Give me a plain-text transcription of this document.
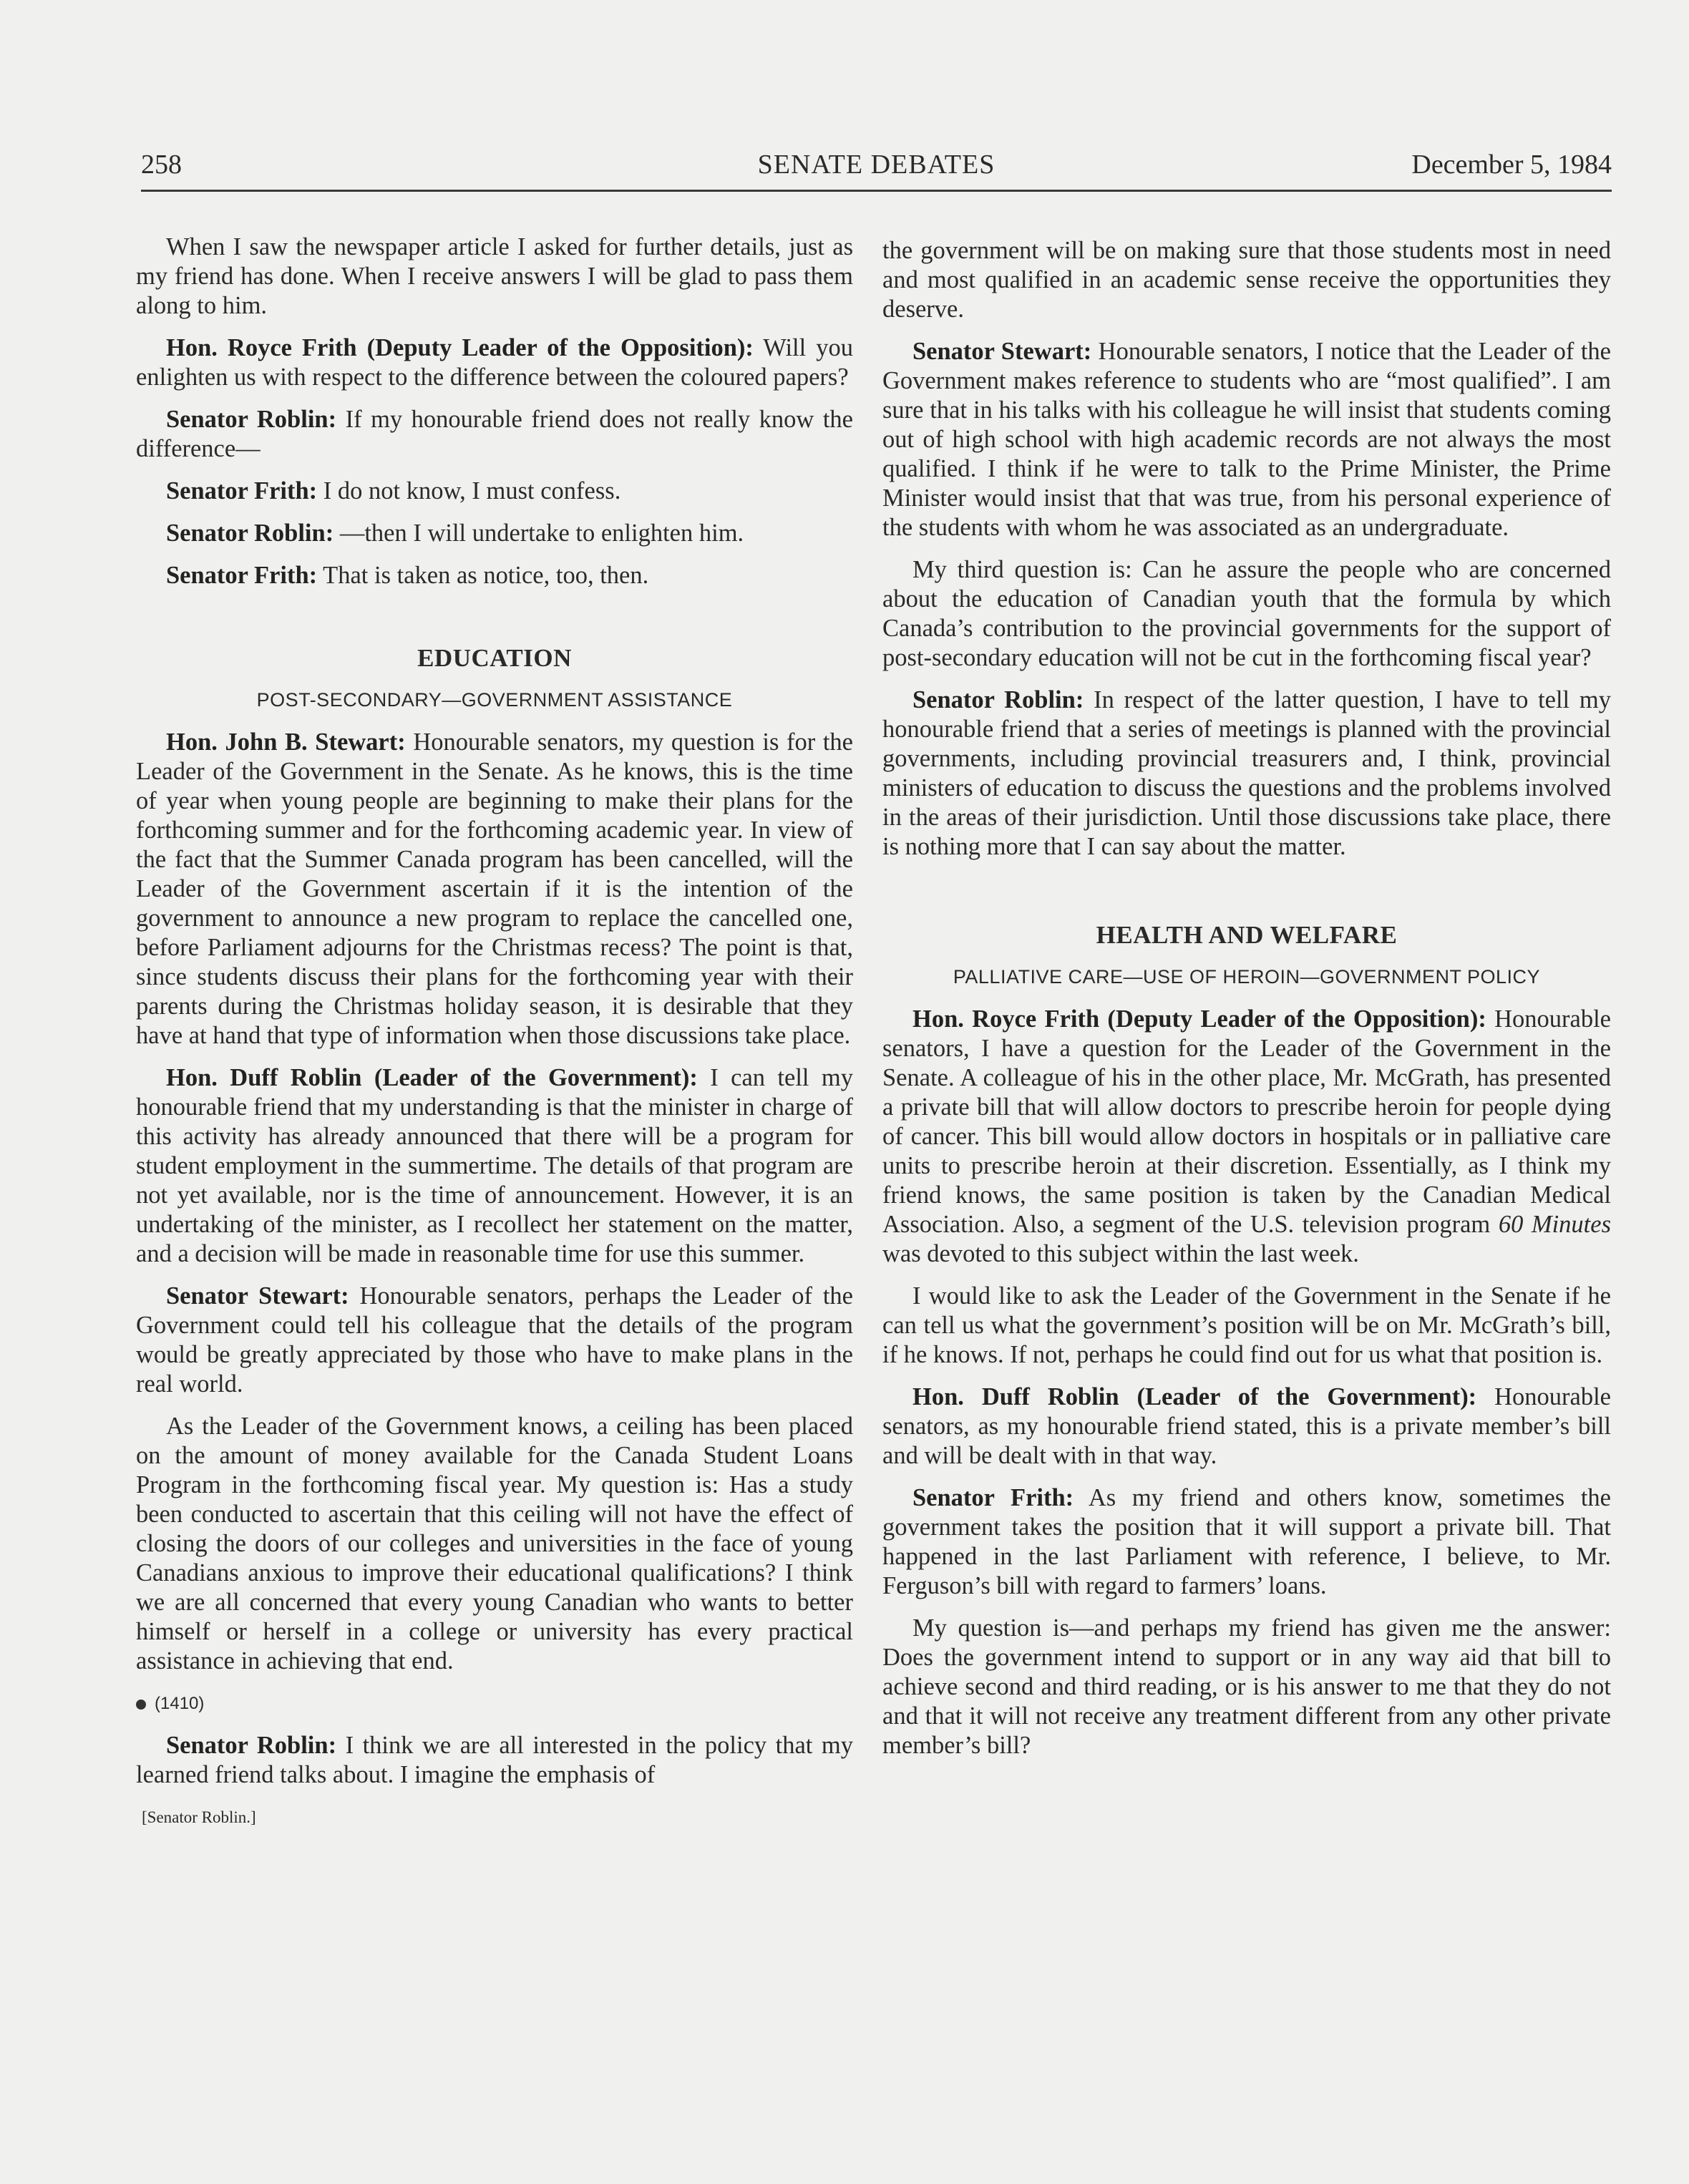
258	SENATE DEBATES	December 5, 1984

When I saw the newspaper article I asked for further details, just as my friend has done. When I receive answers I will be glad to pass them along to him.

Hon. Royce Frith (Deputy Leader of the Opposition): Will you enlighten us with respect to the difference between the coloured papers?

Senator Roblin: If my honourable friend does not really know the difference—

Senator Frith: I do not know, I must confess.

Senator Roblin: —then I will undertake to enlighten him.

Senator Frith: That is taken as notice, too, then.

EDUCATION

POST-SECONDARY—GOVERNMENT ASSISTANCE

Hon. John B. Stewart: Honourable senators, my question is for the Leader of the Government in the Senate. As he knows, this is the time of year when young people are beginning to make their plans for the forthcoming summer and for the forthcoming academic year. In view of the fact that the Summer Canada program has been cancelled, will the Leader of the Government ascertain if it is the intention of the government to announce a new program to replace the cancelled one, before Parliament adjourns for the Christmas recess? The point is that, since students discuss their plans for the forthcoming year with their parents during the Christmas holiday season, it is desirable that they have at hand that type of information when those discussions take place.

Hon. Duff Roblin (Leader of the Government): I can tell my honourable friend that my understanding is that the minister in charge of this activity has already announced that there will be a program for student employment in the summertime. The details of that program are not yet available, nor is the time of announcement. However, it is an undertaking of the minister, as I recollect her statement on the matter, and a decision will be made in reasonable time for use this summer.

Senator Stewart: Honourable senators, perhaps the Leader of the Government could tell his colleague that the details of the program would be greatly appreciated by those who have to make plans in the real world.

As the Leader of the Government knows, a ceiling has been placed on the amount of money available for the Canada Student Loans Program in the forthcoming fiscal year. My question is: Has a study been conducted to ascertain that this ceiling will not have the effect of closing the doors of our colleges and universities in the face of young Canadians anxious to improve their educational qualifications? I think we are all concerned that every young Canadian who wants to better himself or herself in a college or university has every practical assistance in achieving that end.

(1410)

Senator Roblin: I think we are all interested in the policy that my learned friend talks about. I imagine the emphasis of

[Senator Roblin.]

the government will be on making sure that those students most in need and most qualified in an academic sense receive the opportunities they deserve.

Senator Stewart: Honourable senators, I notice that the Leader of the Government makes reference to students who are “most qualified”. I am sure that in his talks with his colleague he will insist that students coming out of high school with high academic records are not always the most qualified. I think if he were to talk to the Prime Minister, the Prime Minister would insist that that was true, from his personal experience of the students with whom he was associated as an undergraduate.

My third question is: Can he assure the people who are concerned about the education of Canadian youth that the formula by which Canada’s contribution to the provincial governments for the support of post-secondary education will not be cut in the forthcoming fiscal year?

Senator Roblin: In respect of the latter question, I have to tell my honourable friend that a series of meetings is planned with the provincial governments, including provincial treasurers and, I think, provincial ministers of education to discuss the questions and the problems involved in the areas of their jurisdiction. Until those discussions take place, there is nothing more that I can say about the matter.

HEALTH AND WELFARE

PALLIATIVE CARE—USE OF HEROIN—GOVERNMENT POLICY

Hon. Royce Frith (Deputy Leader of the Opposition): Honourable senators, I have a question for the Leader of the Government in the Senate. A colleague of his in the other place, Mr. McGrath, has presented a private bill that will allow doctors to prescribe heroin for people dying of cancer. This bill would allow doctors in hospitals or in palliative care units to prescribe heroin at their discretion. Essentially, as I think my friend knows, the same position is taken by the Canadian Medical Association. Also, a segment of the U.S. television program 60 Minutes was devoted to this subject within the last week.

I would like to ask the Leader of the Government in the Senate if he can tell us what the government’s position will be on Mr. McGrath’s bill, if he knows. If not, perhaps he could find out for us what that position is.

Hon. Duff Roblin (Leader of the Government): Honourable senators, as my honourable friend stated, this is a private member’s bill and will be dealt with in that way.

Senator Frith: As my friend and others know, sometimes the government takes the position that it will support a private bill. That happened in the last Parliament with reference, I believe, to Mr. Ferguson’s bill with regard to farmers’ loans.

My question is—and perhaps my friend has given me the answer: Does the government intend to support or in any way aid that bill to achieve second and third reading, or is his answer to me that they do not and that it will not receive any treatment different from any other private member’s bill?
